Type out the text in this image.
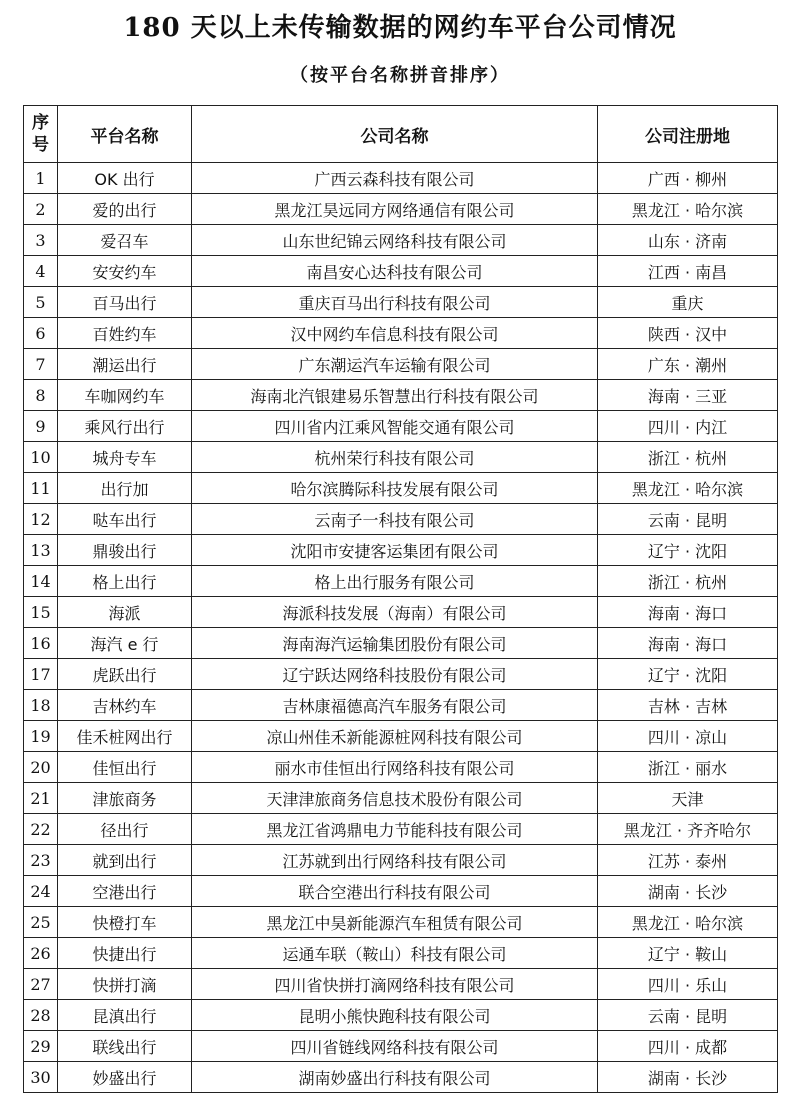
180 天以上未传输数据的网约车平台公司情况
（按平台名称拼音排序）
序号	平台名称	公司名称	公司注册地
1	OK 出行	广西云森科技有限公司	广西 · 柳州
2	爱的出行	黑龙江昊远同方网络通信有限公司	黑龙江 · 哈尔滨
3	爱召车	山东世纪锦云网络科技有限公司	山东 · 济南
4	安安约车	南昌安心达科技有限公司	江西 · 南昌
5	百马出行	重庆百马出行科技有限公司	重庆
6	百姓约车	汉中网约车信息科技有限公司	陕西 · 汉中
7	潮运出行	广东潮运汽车运输有限公司	广东 · 潮州
8	车咖网约车	海南北汽银建易乐智慧出行科技有限公司	海南 · 三亚
9	乘风行出行	四川省内江乘风智能交通有限公司	四川 · 内江
10	城舟专车	杭州荣行科技有限公司	浙江 · 杭州
11	出行加	哈尔滨腾际科技发展有限公司	黑龙江 · 哈尔滨
12	哒车出行	云南子一科技有限公司	云南 · 昆明
13	鼎骏出行	沈阳市安捷客运集团有限公司	辽宁 · 沈阳
14	格上出行	格上出行服务有限公司	浙江 · 杭州
15	海派	海派科技发展（海南）有限公司	海南 · 海口
16	海汽 e 行	海南海汽运输集团股份有限公司	海南 · 海口
17	虎跃出行	辽宁跃达网络科技股份有限公司	辽宁 · 沈阳
18	吉林约车	吉林康福德高汽车服务有限公司	吉林 · 吉林
19	佳禾桩网出行	凉山州佳禾新能源桩网科技有限公司	四川 · 凉山
20	佳恒出行	丽水市佳恒出行网络科技有限公司	浙江 · 丽水
21	津旅商务	天津津旅商务信息技术股份有限公司	天津
22	径出行	黑龙江省鸿鼎电力节能科技有限公司	黑龙江 · 齐齐哈尔
23	就到出行	江苏就到出行网络科技有限公司	江苏 · 泰州
24	空港出行	联合空港出行科技有限公司	湖南 · 长沙
25	快橙打车	黑龙江中昊新能源汽车租赁有限公司	黑龙江 · 哈尔滨
26	快捷出行	运通车联（鞍山）科技有限公司	辽宁 · 鞍山
27	快拼打滴	四川省快拼打滴网络科技有限公司	四川 · 乐山
28	昆滇出行	昆明小熊快跑科技有限公司	云南 · 昆明
29	联线出行	四川省链线网络科技有限公司	四川 · 成都
30	妙盛出行	湖南妙盛出行科技有限公司	湖南 · 长沙
